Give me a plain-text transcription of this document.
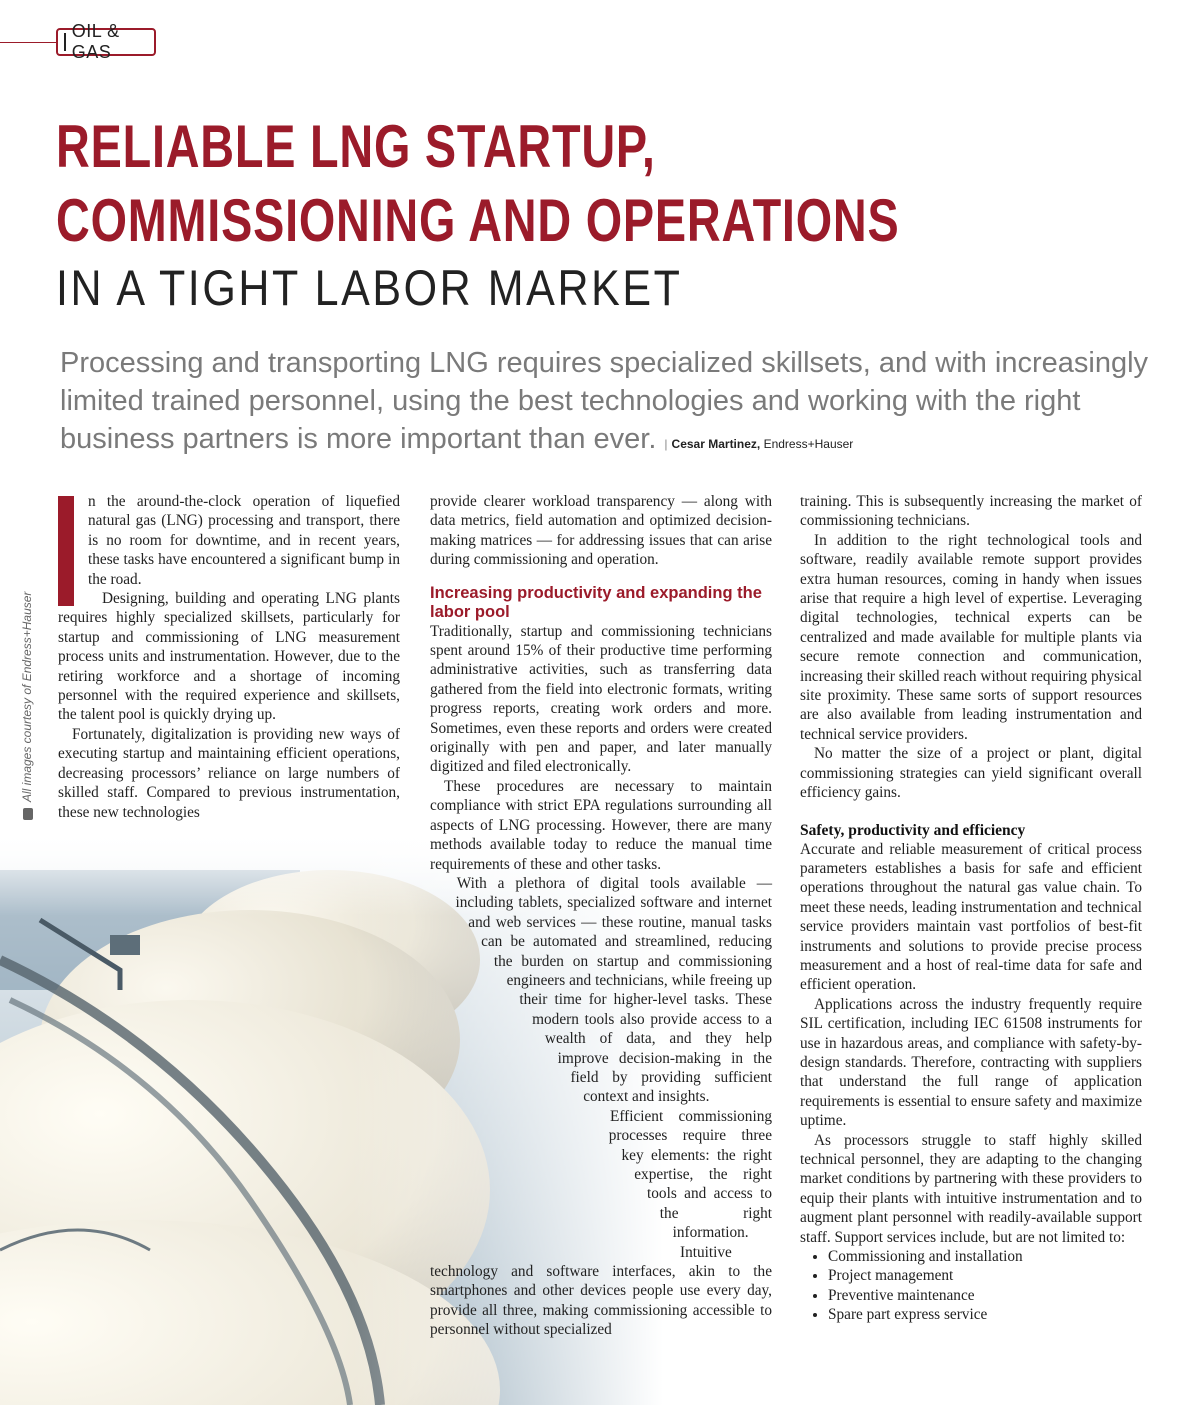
OIL & GAS
RELIABLE LNG STARTUP,
COMMISSIONING AND OPERATIONS
IN A TIGHT LABOR MARKET
Processing and transporting LNG requires specialized skillsets, and with increasingly limited trained personnel, using the best technologies and working with the right business partners is more important than ever. | Cesar Martinez, Endress+Hauser
All images courtesy of Endress+Hauser

n the around-the-clock operation of liquefied natural gas (LNG) processing and transport, there is no room for downtime, and in recent years, these tasks have encountered a significant bump in the road.

Designing, building and operating LNG plants requires highly specialized skillsets, particularly for startup and commissioning of LNG measurement process units and instrumentation. However, due to the retiring workforce and a shortage of incoming personnel with the required experience and skillsets, the talent pool is quickly drying up.

Fortunately, digitalization is providing new ways of executing startup and maintaining efficient operations, decreasing processors’ reliance on large numbers of skilled staff. Compared to previous instrumentation, these new technologies

provide clearer workload transparency — along with data metrics, field automation and optimized decision-making matrices — for addressing issues that can arise during commissioning and operation.

Increasing productivity and expanding the labor pool

Traditionally, startup and commissioning technicians spent around 15% of their productive time performing administrative activities, such as transferring data gathered from the field into electronic formats, writing progress reports, creating work orders and more. Sometimes, even these reports and orders were created originally with pen and paper, and later manually digitized and filed electronically.

These procedures are necessary to maintain compliance with strict EPA regulations surrounding all aspects of LNG processing. However, there are many methods available today to reduce the manual time requirements of these and other tasks.

With a plethora of digital tools available — including tablets, specialized software and internet and web services — these routine, manual tasks can be automated and streamlined, reducing the burden on startup and commissioning engineers and technicians, while freeing up their time for higher-level tasks. These modern tools also provide access to a wealth of data, and they help improve decision-making in the field by providing sufficient context and insights.

Efficient commissioning processes require three key elements: the right expertise, the right tools and access to the right information. Intuitive technology and software interfaces, akin to the smartphones and other devices people use every day, provide all three, making commissioning accessible to personnel without specialized

training. This is subsequently increasing the market of commissioning technicians.

In addition to the right technological tools and software, readily available remote support provides extra human resources, coming in handy when issues arise that require a high level of expertise. Leveraging digital technologies, technical experts can be centralized and made available for multiple plants via secure remote connection and communication, increasing their skilled reach without requiring physical site proximity. These same sorts of support resources are also available from leading instrumentation and technical service providers.

No matter the size of a project or plant, digital commissioning strategies can yield significant overall efficiency gains.

Safety, productivity and efficiency

Accurate and reliable measurement of critical process parameters establishes a basis for safe and efficient operations throughout the natural gas value chain. To meet these needs, leading instrumentation and technical service providers maintain vast portfolios of best-fit instruments and solutions to provide precise process measurement and a host of real-time data for safe and efficient operation.

Applications across the industry frequently require SIL certification, including IEC 61508 instruments for use in hazardous areas, and compliance with safety-by-design standards. Therefore, contracting with suppliers that understand the full range of application requirements is essential to ensure safety and maximize uptime.

As processors struggle to staff highly skilled technical personnel, they are adapting to the changing market conditions by partnering with these providers to equip their plants with intuitive instrumentation and to augment plant personnel with readily-available support staff. Support services include, but are not limited to:

• Commissioning and installation
• Project management
• Preventive maintenance
• Spare part express service
